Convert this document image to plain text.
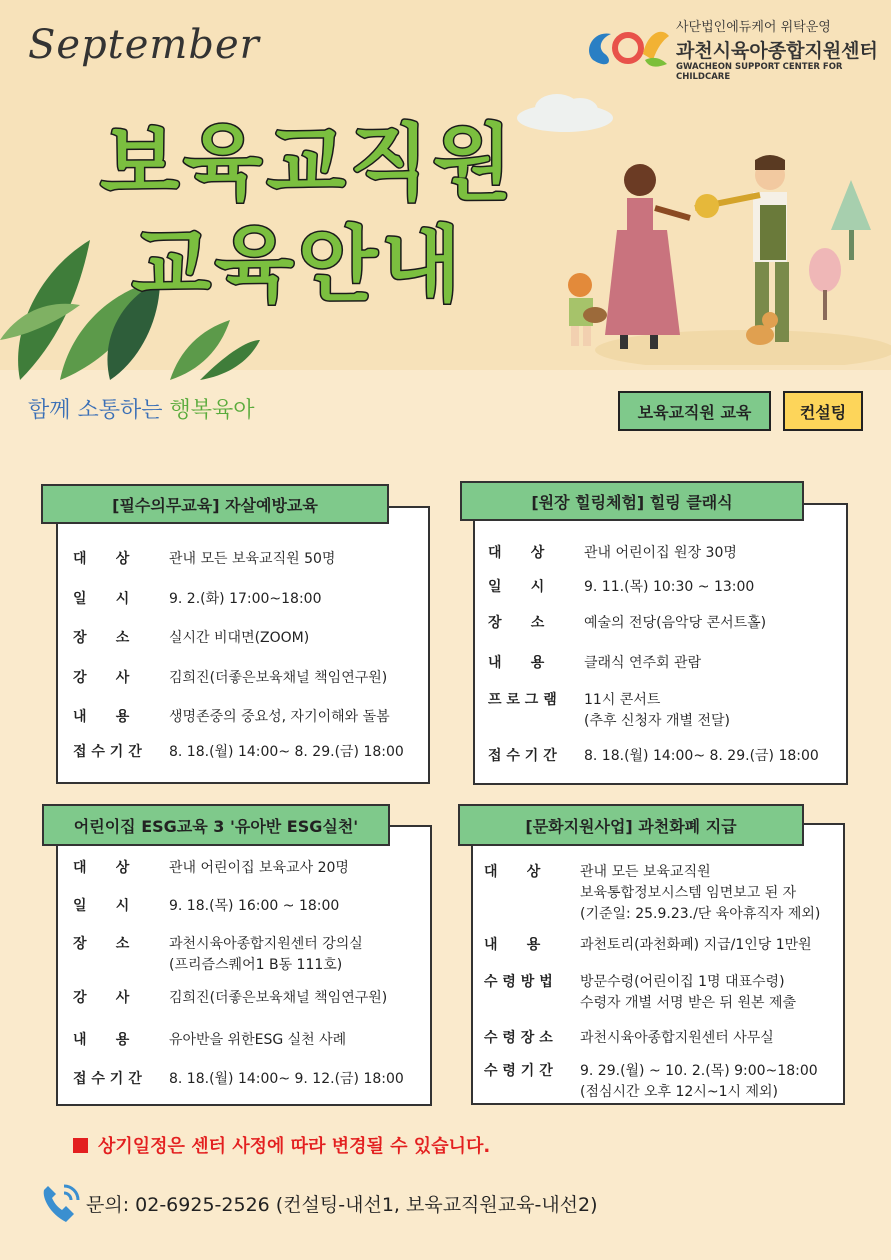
September
보육교직원
교육안내
사단법인에듀케어 위탁운영
과천시육아종합지원센터
GWACHEON SUPPORT CENTER FOR CHILDCARE
함께 소통하는 행복육아	보육교직원 교육	컨설팅
[필수의무교육] 자살예방교육
대      상	관내 모든 보육교직원 50명
일      시	9. 2.(화) 17:00~18:00
장      소	실시간 비대면(ZOOM)
강      사	김희진(더좋은보육채널 책임연구원)
내      용	생명존중의 중요성, 자기이해와 돌봄
접 수 기 간	8. 18.(월) 14:00~ 8. 29.(금) 18:00
[원장 힐링체험] 힐링 클래식
대      상	관내 어린이집 원장 30명
일      시	9. 11.(목) 10:30 ~ 13:00
장      소	예술의 전당(음악당 콘서트홀)
내      용	클래식 연주회 관람
프 로 그 램	11시 콘서트
(추후 신청자 개별 전달)
접 수 기 간	8. 18.(월) 14:00~ 8. 29.(금) 18:00
어린이집 ESG교육 3 '유아반 ESG실천'
대      상	관내 어린이집 보육교사 20명
일      시	9. 18.(목) 16:00 ~ 18:00
장      소	과천시육아종합지원센터 강의실
(프리즘스퀘어1 B동 111호)
강      사	김희진(더좋은보육채널 책임연구원)
내      용	유아반을 위한ESG 실천 사례
접 수 기 간	8. 18.(월) 14:00~ 9. 12.(금) 18:00
[문화지원사업] 과천화폐 지급
대      상	관내 모든 보육교직원
보육통합정보시스템 임면보고 된 자
(기준일: 25.9.23./단 육아휴직자 제외)
내      용	과천토리(과천화폐) 지급/1인당 1만원
수 령 방 법	방문수령(어린이집 1명 대표수령)
수령자 개별 서명 받은 뒤 원본 제출
수 령 장 소	과천시육아종합지원센터 사무실
수 령 기 간	9. 29.(월) ~ 10. 2.(목) 9:00~18:00
(점심시간 오후 12시~1시 제외)
상기일정은 센터 사정에 따라 변경될 수 있습니다.
문의: 02-6925-2526 (컨설팅-내선1, 보육교직원교육-내선2)
